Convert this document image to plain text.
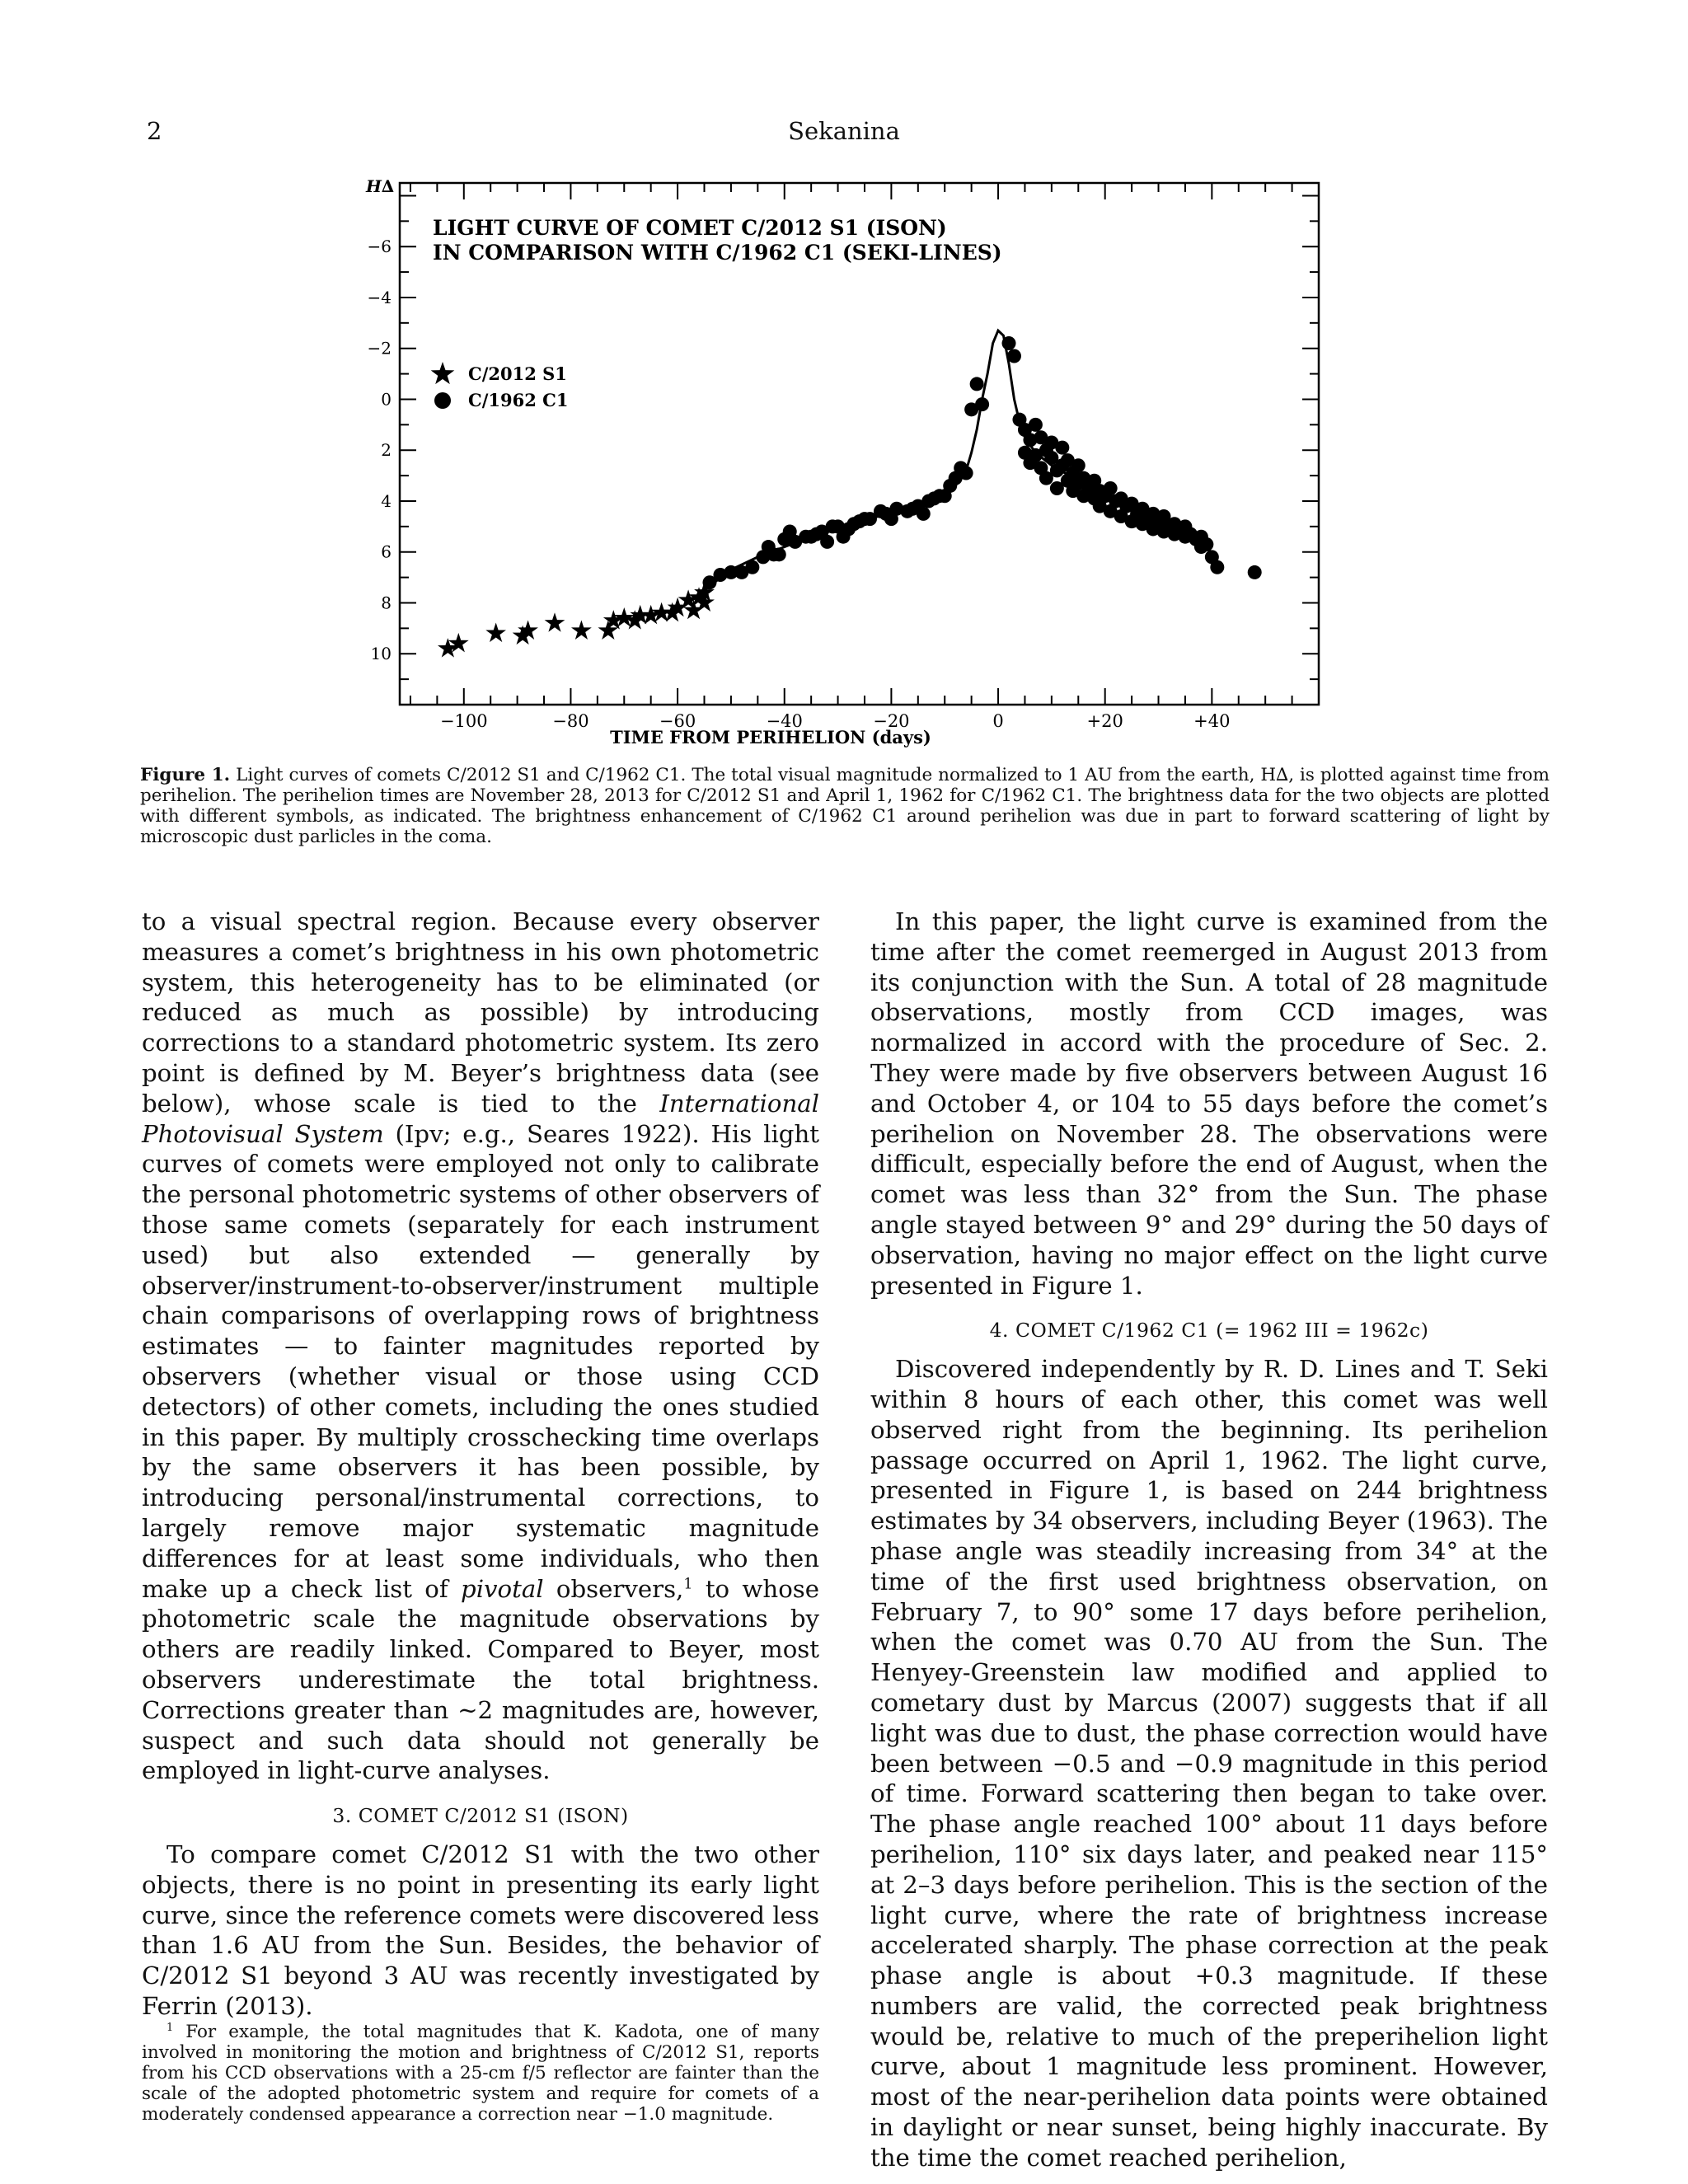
2	Sekanina
−100	−80	−60	−40	−20	0	+20	+40
−6
−4
−2
0
2
4
6
8
10
LIGHT CURVE OF COMET C/2012 S1 (ISON)
IN COMPARISON WITH C/1962 C1 (SEKI-LINES)
TIME FROM PERIHELION (days)
H∆
C/2012 S1
C/1962 C1
Figure 1. Light curves of comets C/2012 S1 and C/1962 C1. The total visual magnitude normalized to 1 AU from the earth, H∆, is plotted against time from perihelion. The perihelion times are November 28, 2013 for C/2012 S1 and April 1, 1962 for C/1962 C1. The brightness data for the two objects are plotted with different symbols, as indicated. The brightness enhancement of C/1962 C1 around perihelion was due in part to forward scattering of light by microscopic dust parlicles in the coma.

to a visual spectral region. Because every observer measures a comet’s brightness in his own photometric system, this heterogeneity has to be eliminated (or reduced as much as possible) by introducing corrections to a standard photometric system. Its zero point is defined by M. Beyer’s brightness data (see below), whose scale is tied to the International Photovisual System (Ipv; e.g., Seares 1922). His light curves of comets were employed not only to calibrate the personal photometric systems of other observers of those same comets (separately for each instrument used) but also extended — generally by observer/instrument-to-observer/instrument multiple chain comparisons of overlapping rows of brightness estimates — to fainter magnitudes reported by observers (whether visual or those using CCD detectors) of other comets, including the ones studied in this paper. By multiply crosschecking time overlaps by the same observers it has been possible, by introducing personal/instrumental corrections, to largely remove major systematic magnitude differences for at least some individuals, who then make up a check list of pivotal observers,$^1$ to whose photometric scale the magnitude observations by others are readily linked. Compared to Beyer, most observers underestimate the total brightness. Corrections greater than ∼2 magnitudes are, however, suspect and such data should not generally be employed in light-curve analyses.

3. COMET C/2012 S1 (ISON)

To compare comet C/2012 S1 with the two other objects, there is no point in presenting its early light curve, since the reference comets were discovered less than 1.6 AU from the Sun. Besides, the behavior of C/2012 S1 beyond 3 AU was recently investigated by Ferrin (2013).

$^1$ For example, the total magnitudes that K. Kadota, one of many involved in monitoring the motion and brightness of C/2012 S1, reports from his CCD observations with a 25-cm f/5 reflector are fainter than the scale of the adopted photometric system and require for comets of a moderately condensed appearance a correction near −1.0 magnitude.

In this paper, the light curve is examined from the time after the comet reemerged in August 2013 from its conjunction with the Sun. A total of 28 magnitude observations, mostly from CCD images, was normalized in accord with the procedure of Sec. 2. They were made by five observers between August 16 and October 4, or 104 to 55 days before the comet’s perihelion on November 28. The observations were difficult, especially before the end of August, when the comet was less than 32° from the Sun. The phase angle stayed between 9° and 29° during the 50 days of observation, having no major effect on the light curve presented in Figure 1.

4. COMET C/1962 C1 (= 1962 III = 1962c)

Discovered independently by R. D. Lines and T. Seki within 8 hours of each other, this comet was well observed right from the beginning. Its perihelion passage occurred on April 1, 1962. The light curve, presented in Figure 1, is based on 244 brightness estimates by 34 observers, including Beyer (1963). The phase angle was steadily increasing from 34° at the time of the first used brightness observation, on February 7, to 90° some 17 days before perihelion, when the comet was 0.70 AU from the Sun. The Henyey-Greenstein law modified and applied to cometary dust by Marcus (2007) suggests that if all light was due to dust, the phase correction would have been between −0.5 and −0.9 magnitude in this period of time. Forward scattering then began to take over. The phase angle reached 100° about 11 days before perihelion, 110° six days later, and peaked near 115° at 2–3 days before perihelion. This is the section of the light curve, where the rate of brightness increase accelerated sharply. The phase correction at the peak phase angle is about +0.3 magnitude. If these numbers are valid, the corrected peak brightness would be, relative to much of the preperihelion light curve, about 1 magnitude less prominent. However, most of the near-perihelion data points were obtained in daylight or near sunset, being highly inaccurate. By the time the comet reached perihelion,
